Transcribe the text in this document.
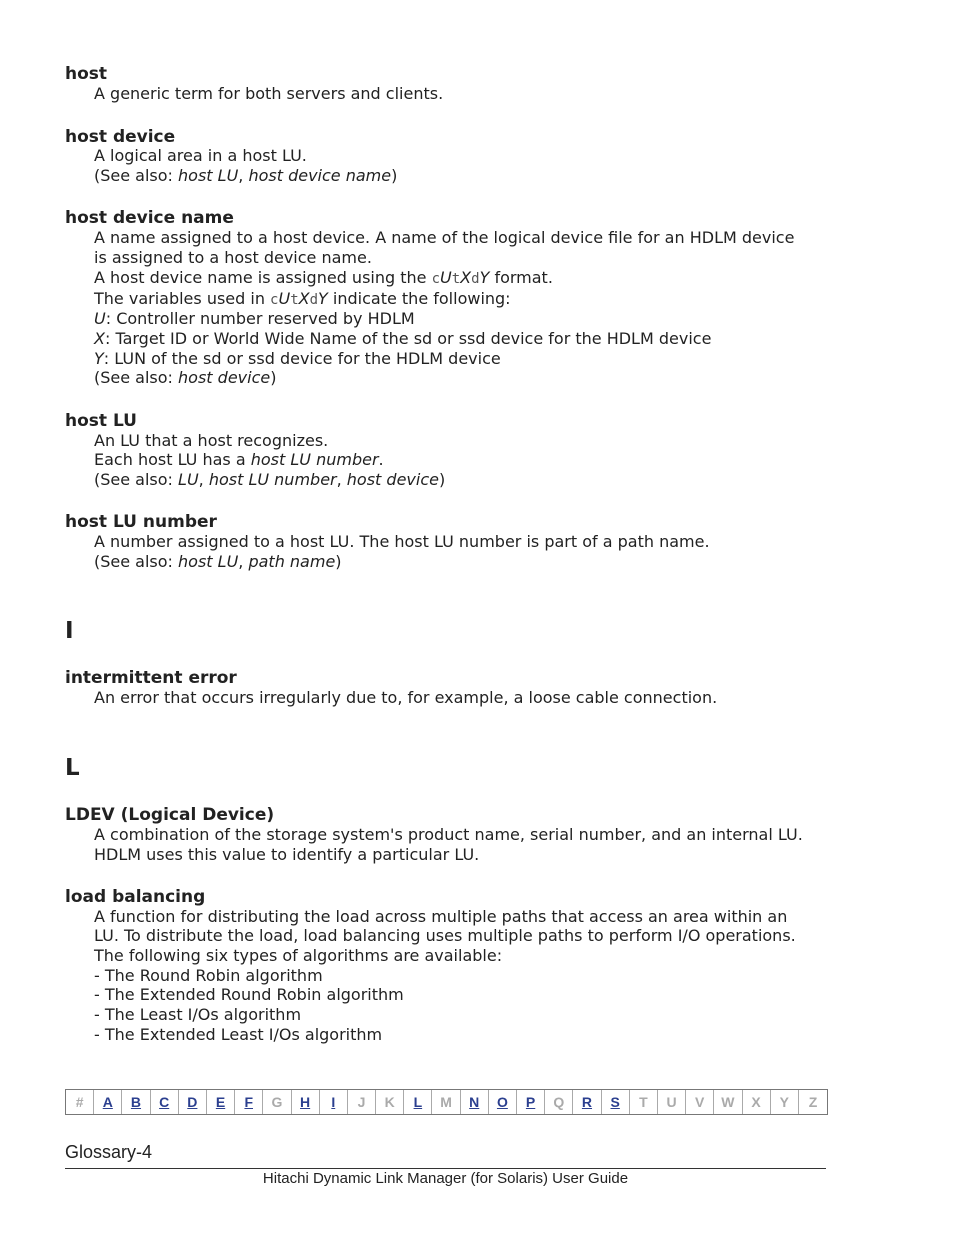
host
A generic term for both servers and clients.
host device
A logical area in a host LU.
(See also: host LU, host device name)
host device name
A name assigned to a host device. A name of the logical device file for an HDLM device
is assigned to a host device name.
A host device name is assigned using the cUtXdY format.
The variables used in cUtXdY indicate the following:
U: Controller number reserved by HDLM
X: Target ID or World Wide Name of the sd or ssd device for the HDLM device
Y: LUN of the sd or ssd device for the HDLM device
(See also: host device)
host LU
An LU that a host recognizes.
Each host LU has a host LU number.
(See also: LU, host LU number, host device)
host LU number
A number assigned to a host LU. The host LU number is part of a path name.
(See also: host LU, path name)
I
intermittent error
An error that occurs irregularly due to, for example, a loose cable connection.
L
LDEV (Logical Device)
A combination of the storage system's product name, serial number, and an internal LU.
HDLM uses this value to identify a particular LU.
load balancing
A function for distributing the load across multiple paths that access an area within an
LU. To distribute the load, load balancing uses multiple paths to perform I/O operations.
The following six types of algorithms are available:
- The Round Robin algorithm
- The Extended Round Robin algorithm
- The Least I/Os algorithm
- The Extended Least I/Os algorithm
#	A	B	C	D	E	F	G	H	I	J	K	L	M	N	O	P	Q	R	S	T	U	V	W	X	Y	Z
Glossary-4
Hitachi Dynamic Link Manager (for Solaris) User Guide
